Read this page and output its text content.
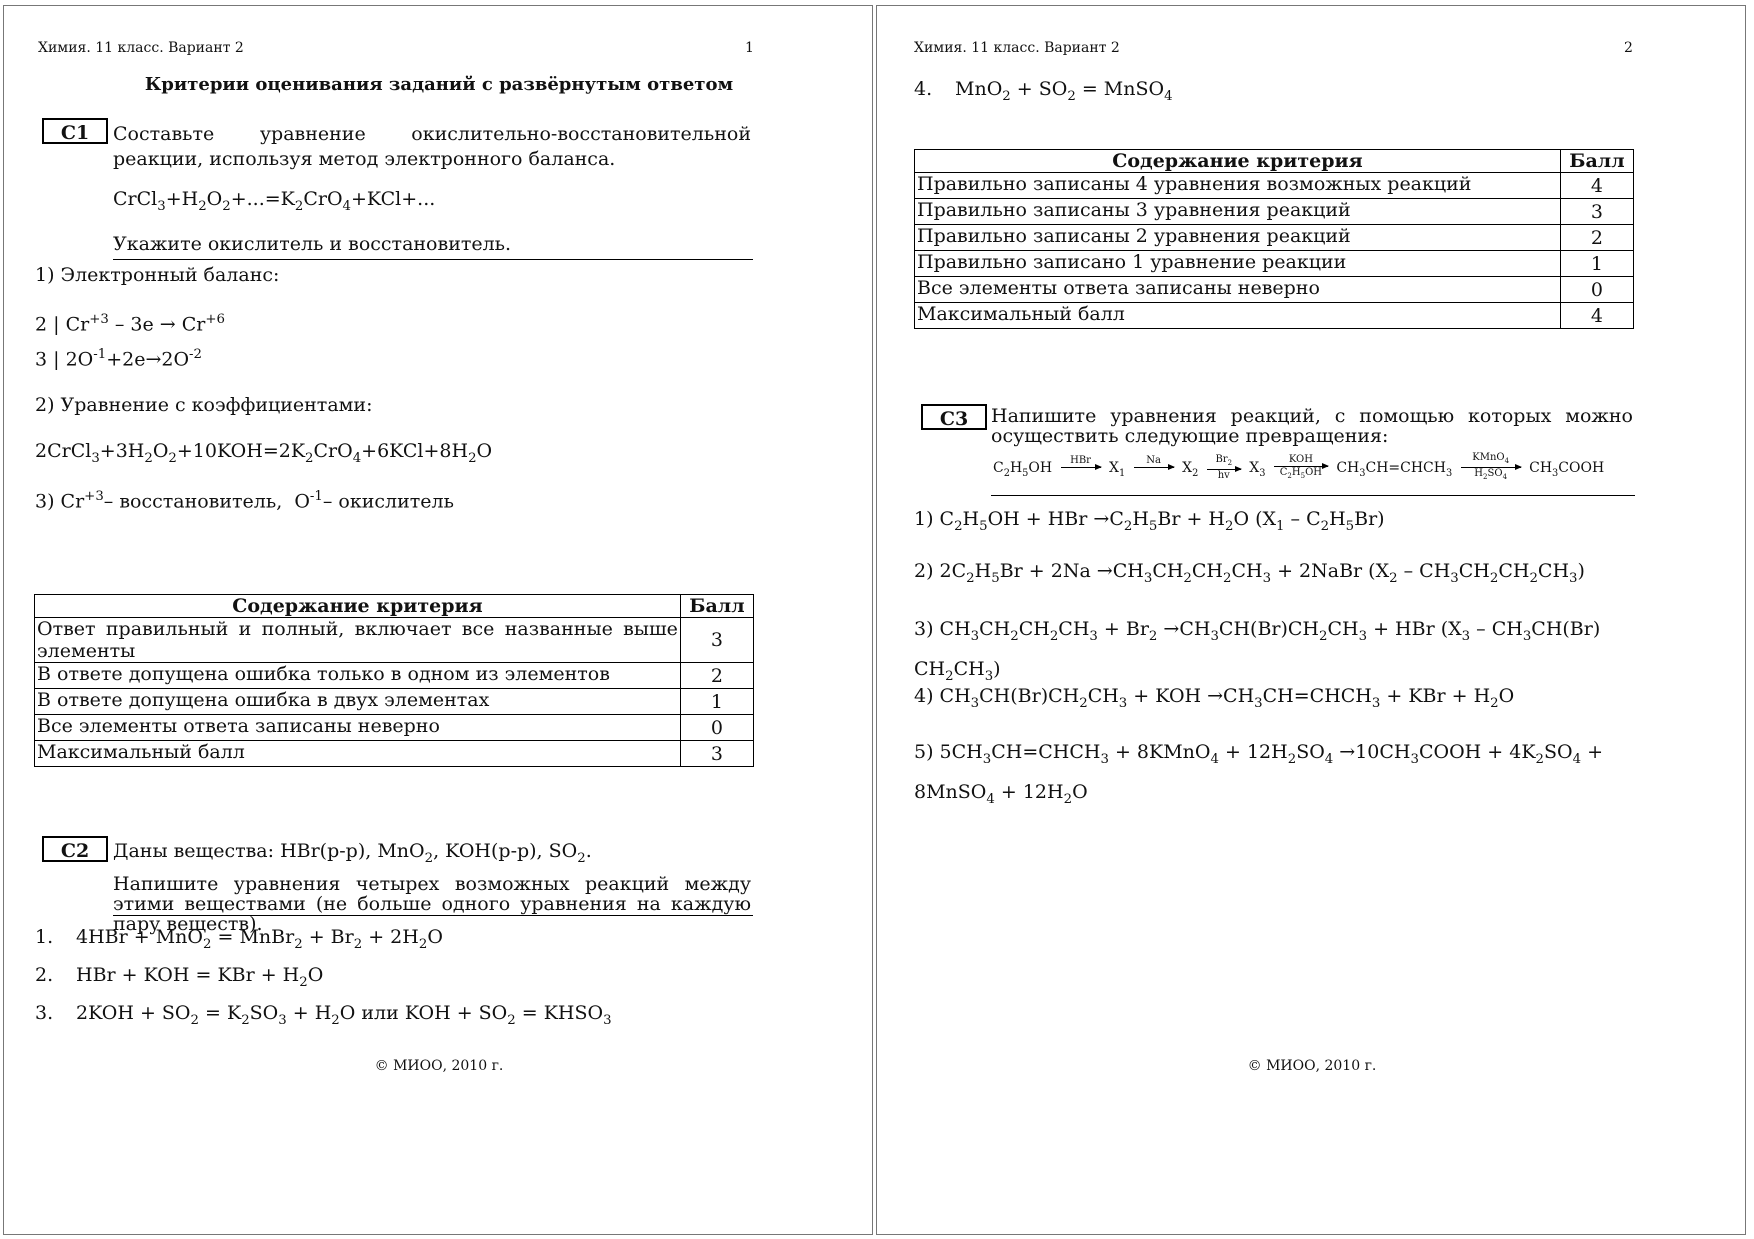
Химия. 11 класс. Вариант 2	1
Критерии оценивания заданий с развёрнутым ответом
C1	Составьте уравнение окислительно-восстановительной реакции, используя метод электронного баланса.
$CrCl_3+H_2O_2+...=K_2CrO_4+KCl+$...
Укажите окислитель и восстановитель.
1) Электронный баланс:
2 | $Cr^{+3} - 3e \to Cr^{+6}$
3 | $2O^{-1}+2e\to 2O^{-2}$
2) Уравнение с коэффициентами:
$2CrCl_3+3H_2O_2+10KOH=2K_2CrO_4+6KCl+8H_2O$
3) $Cr^{+3}-$ восстановитель,  $O^{-1}-$ окислитель
Содержание критерия	Балл
Ответ правильный и полный, включает все названные выше элементы	3
В ответе допущена ошибка только в одном из элементов	2
В ответе допущена ошибка в двух элементах	1
Все элементы ответа записаны неверно	0
Максимальный балл	3
C2	Даны вещества: HBr(р-р), MnO$_2$, KOH(р-р), $SO_2$.
Напишите уравнения четырех возможных реакций между этими веществами (не больше одного уравнения на каждую пару веществ).
1. 4HBr + MnO$_2$ = MnBr$_2$ + $Br_2 + 2H_2O$
2. HBr + KOH = KBr + $H_2O$
3. $2KOH + SO_2 = K_2SO_3 + H_2O$ или KOH + $SO_2$ = $KHSO_3$
© МИОО, 2010 г.
Химия. 11 класс. Вариант 2	2
4. $MnO_2 + SO_2$ = MnSO$_4$
Содержание критерия	Балл
Правильно записаны 4 уравнения возможных реакций	4
Правильно записаны 3 уравнения реакций	3
Правильно записаны 2 уравнения реакций	2
Правильно записано 1 уравнение реакции	1
Все элементы ответа записаны неверно	0
Максимальный балл	4
C3	Напишите уравнения реакций, с помощью которых можно осуществить следующие превращения:
$C_2H_5OH$	HBr
	$X_1$
Na
	$X_2 \frac{Br_2}{hv} X_3$
KOH
$C_2H_5OH$	$CH_3CH=CHCH_3$
KMnO$_4$
$H_2SO_4$
$CH_3COOH$
1) $C_2H_5OH$ + HBr $\to C_2H_5Br + H_2O$ $(X_1 - C_2H_5Br)$
2) $2C_2H_5Br + 2Na \to CH_3CH_2CH_2CH_3$ + 2NaBr $(X_2 - CH_3CH_2CH_2CH_3)$
3) $CH_3CH_2CH_2CH_3 + Br_2 \to CH_3CH(Br)CH_2CH_3$ + HBr ($X_3 - CH_3CH(Br)$ $CH_2CH_3$)
4) $CH_3CH(Br)CH_2CH_3$ + KOH $\to CH_3CH=CHCH_3$ + KBr + $H_2O$
5) $5CH_3CH=CHCH_3$ + 8KMnO$_4$ + $12H_2SO_4$ $\to 10CH_3COOH + 4K_2SO_4$ + 8MnSO$_4$ + $12H_2O$
© МИОО, 2010 г.
